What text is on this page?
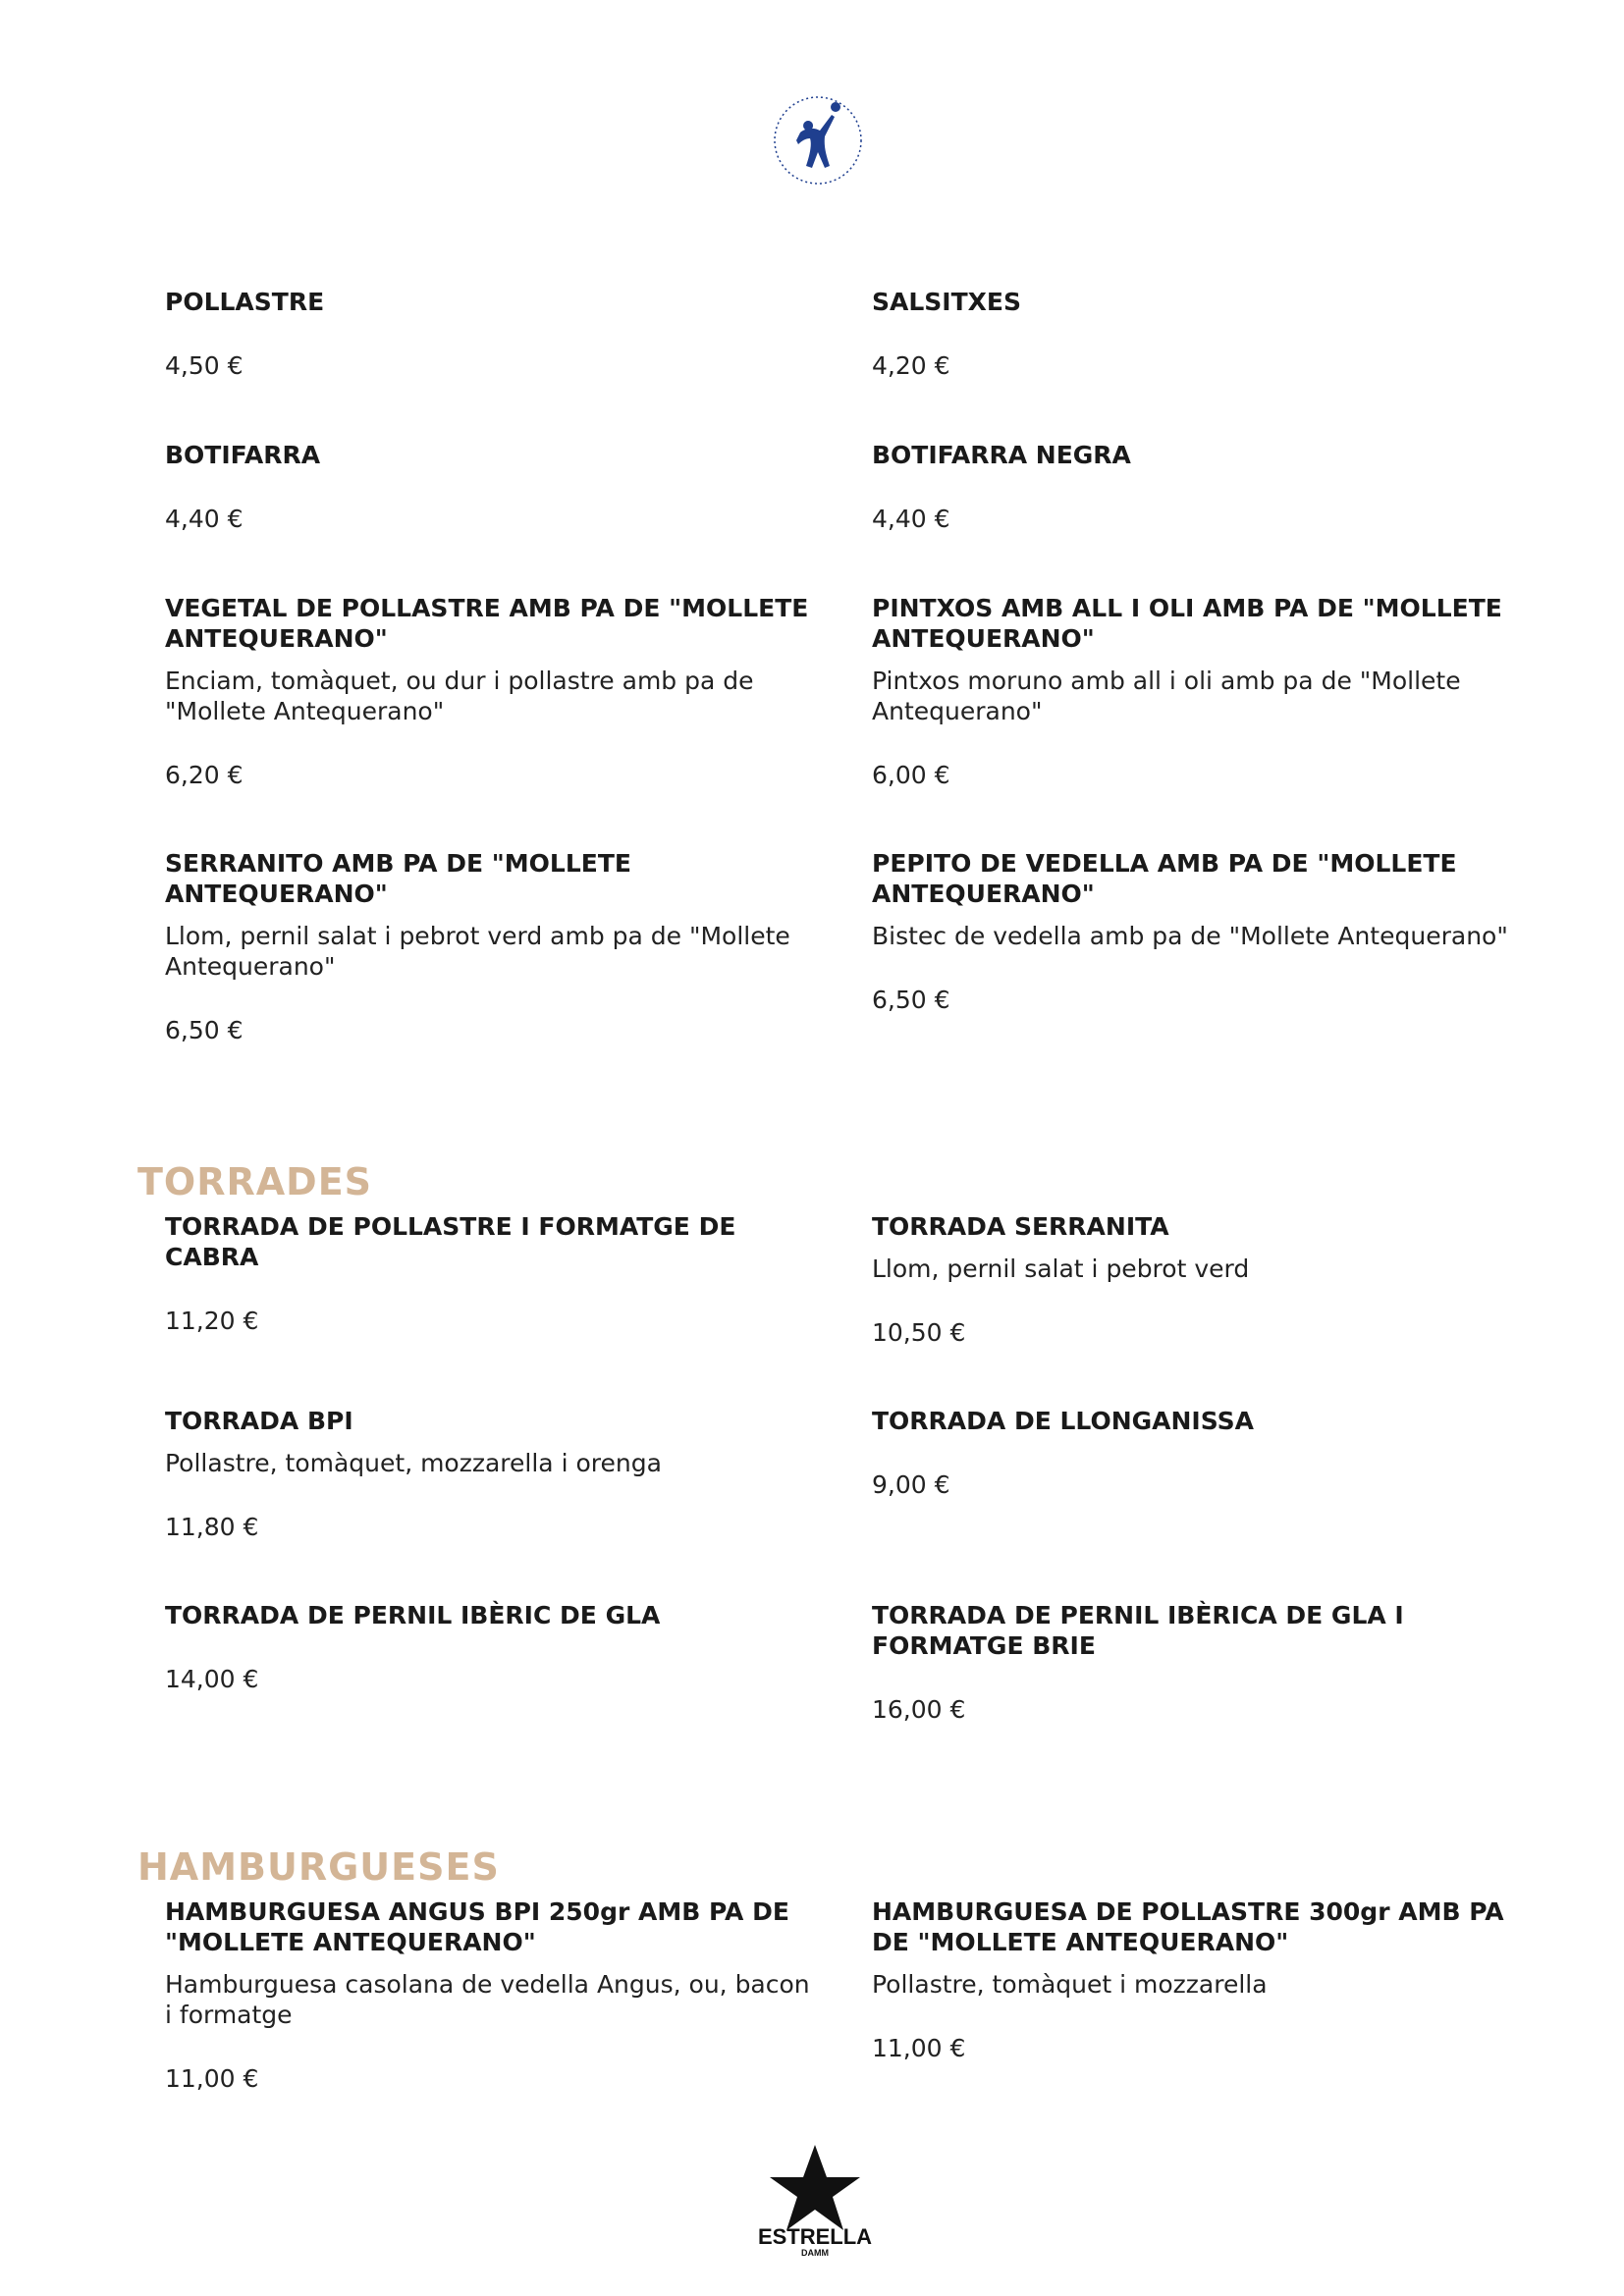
POLLASTRE

4,50 €

SALSITXES

4,20 €

BOTIFARRA

4,40 €

BOTIFARRA NEGRA

4,40 €

VEGETAL DE POLLASTRE AMB PA DE "MOLLETE ANTEQUERANO"

Enciam, tomàquet, ou dur i pollastre amb pa de "Mollete Antequerano"

6,20 €

PINTXOS AMB ALL I OLI AMB PA DE "MOLLETE ANTEQUERANO"

Pintxos moruno amb all i oli amb pa de "Mollete Antequerano"

6,00 €

SERRANITO AMB PA DE "MOLLETE ANTEQUERANO"

Llom, pernil salat i pebrot verd amb pa de "Mollete Antequerano"

6,50 €

PEPITO DE VEDELLA AMB PA DE "MOLLETE ANTEQUERANO"

Bistec de vedella amb pa de "Mollete Antequerano"

6,50 €

TORRADES

TORRADA DE POLLASTRE I FORMATGE DE CABRA

11,20 €

TORRADA SERRANITA

Llom, pernil salat i pebrot verd

10,50 €

TORRADA BPI

Pollastre, tomàquet, mozzarella i orenga

11,80 €

TORRADA DE LLONGANISSA

9,00 €

TORRADA DE PERNIL IBÈRIC DE GLA

14,00 €

TORRADA DE PERNIL IBÈRICA DE GLA I FORMATGE BRIE

16,00 €

HAMBURGUESES

HAMBURGUESA ANGUS BPI 250gr AMB PA DE "MOLLETE ANTEQUERANO"

Hamburguesa casolana de vedella Angus, ou, bacon i formatge

11,00 €

HAMBURGUESA DE POLLASTRE 300gr AMB PA DE "MOLLETE ANTEQUERANO"

Pollastre, tomàquet i mozzarella

11,00 €

ESTRELLA
DAMM
